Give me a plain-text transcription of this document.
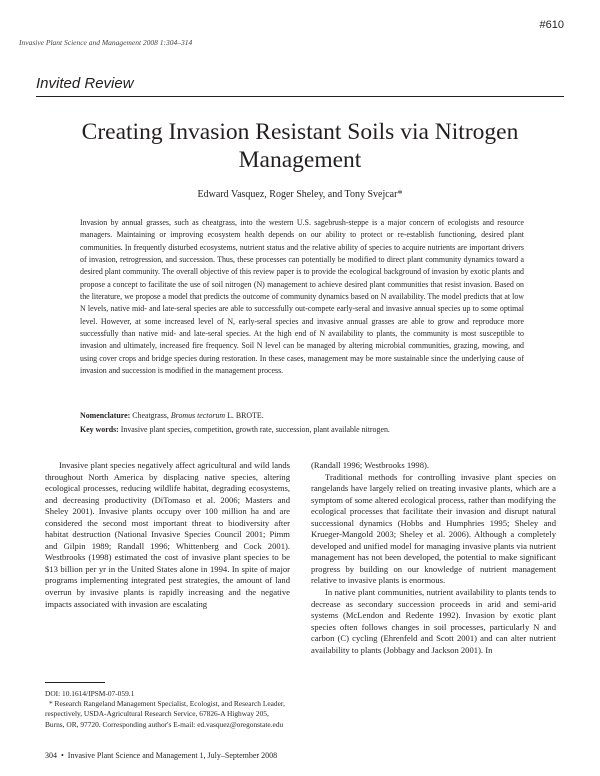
#610
Invasive Plant Science and Management 2008 1:304–314
Invited Review
Creating Invasion Resistant Soils via Nitrogen Management
Edward Vasquez, Roger Sheley, and Tony Svejcar*
Invasion by annual grasses, such as cheatgrass, into the western U.S. sagebrush-steppe is a major concern of ecologists and resource managers. Maintaining or improving ecosystem health depends on our ability to protect or re-establish functioning, desired plant communities. In frequently disturbed ecosystems, nutrient status and the relative ability of species to acquire nutrients are important drivers of invasion, retrogression, and succession. Thus, these processes can potentially be modified to direct plant community dynamics toward a desired plant community. The overall objective of this review paper is to provide the ecological background of invasion by exotic plants and propose a concept to facilitate the use of soil nitrogen (N) management to achieve desired plant communities that resist invasion. Based on the literature, we propose a model that predicts the outcome of community dynamics based on N availability. The model predicts that at low N levels, native mid- and late-seral species are able to successfully out-compete early-seral and invasive annual species up to some optimal level. However, at some increased level of N, early-seral species and invasive annual grasses are able to grow and reproduce more successfully than native mid- and late-seral species. At the high end of N availability to plants, the community is most susceptible to invasion and ultimately, increased fire frequency. Soil N level can be managed by altering microbial communities, grazing, mowing, and using cover crops and bridge species during restoration. In these cases, management may be more sustainable since the underlying cause of invasion and succession is modified in the management process.
Nomenclature: Cheatgrass, Bromus tectorum L. BROTE.
Key words: Invasive plant species, competition, growth rate, succession, plant available nitrogen.

Invasive plant species negatively affect agricultural and wild lands throughout North America by displacing native species, altering ecological processes, reducing wildlife habitat, degrading ecosystems, and decreasing productivity (DiTomaso et al. 2006; Masters and Sheley 2001). Invasive plants occupy over 100 million ha and are considered the second most important threat to biodiversity after habitat destruction (National Invasive Species Council 2001; Pimm and Gilpin 1989; Randall 1996; Whittenberg and Cock 2001). Westbrooks (1998) estimated the cost of invasive plant species to be $13 billion per yr in the United States alone in 1994. In spite of major programs implementing integrated pest strategies, the amount of land overrun by invasive plants is rapidly increasing and the negative impacts associated with invasion are escalating

(Randall 1996; Westbrooks 1998).

Traditional methods for controlling invasive plant species on rangelands have largely relied on treating invasive plants, which are a symptom of some altered ecological process, rather than modifying the ecological processes that facilitate their invasion and disrupt natural successional dynamics (Hobbs and Humphries 1995; Sheley and Krueger-Mangold 2003; Sheley et al. 2006). Although a completely developed and unified model for managing invasive plants via nutrient management has not been developed, the potential to make significant progress by building on our knowledge of nutrient management relative to invasive plants is enormous.

In native plant communities, nutrient availability to plants tends to decrease as secondary succession proceeds in arid and semi-arid systems (McLendon and Redente 1992). Invasion by exotic plant species often follows changes in soil processes, particularly N and carbon (C) cycling (Ehrenfeld and Scott 2001) and can alter nutrient availability to plants (Jobbagy and Jackson 2001). In

DOI: 10.1614/IPSM-07-059.1

* Research Rangeland Management Specialist, Ecologist, and Research Leader, respectively, USDA-Agricultural Research Service, 67826-A Highway 205, Burns, OR, 97720. Corresponding author's E-mail: ed.vasquez@oregonstate.edu

304  •  Invasive Plant Science and Management 1, July–September 2008
